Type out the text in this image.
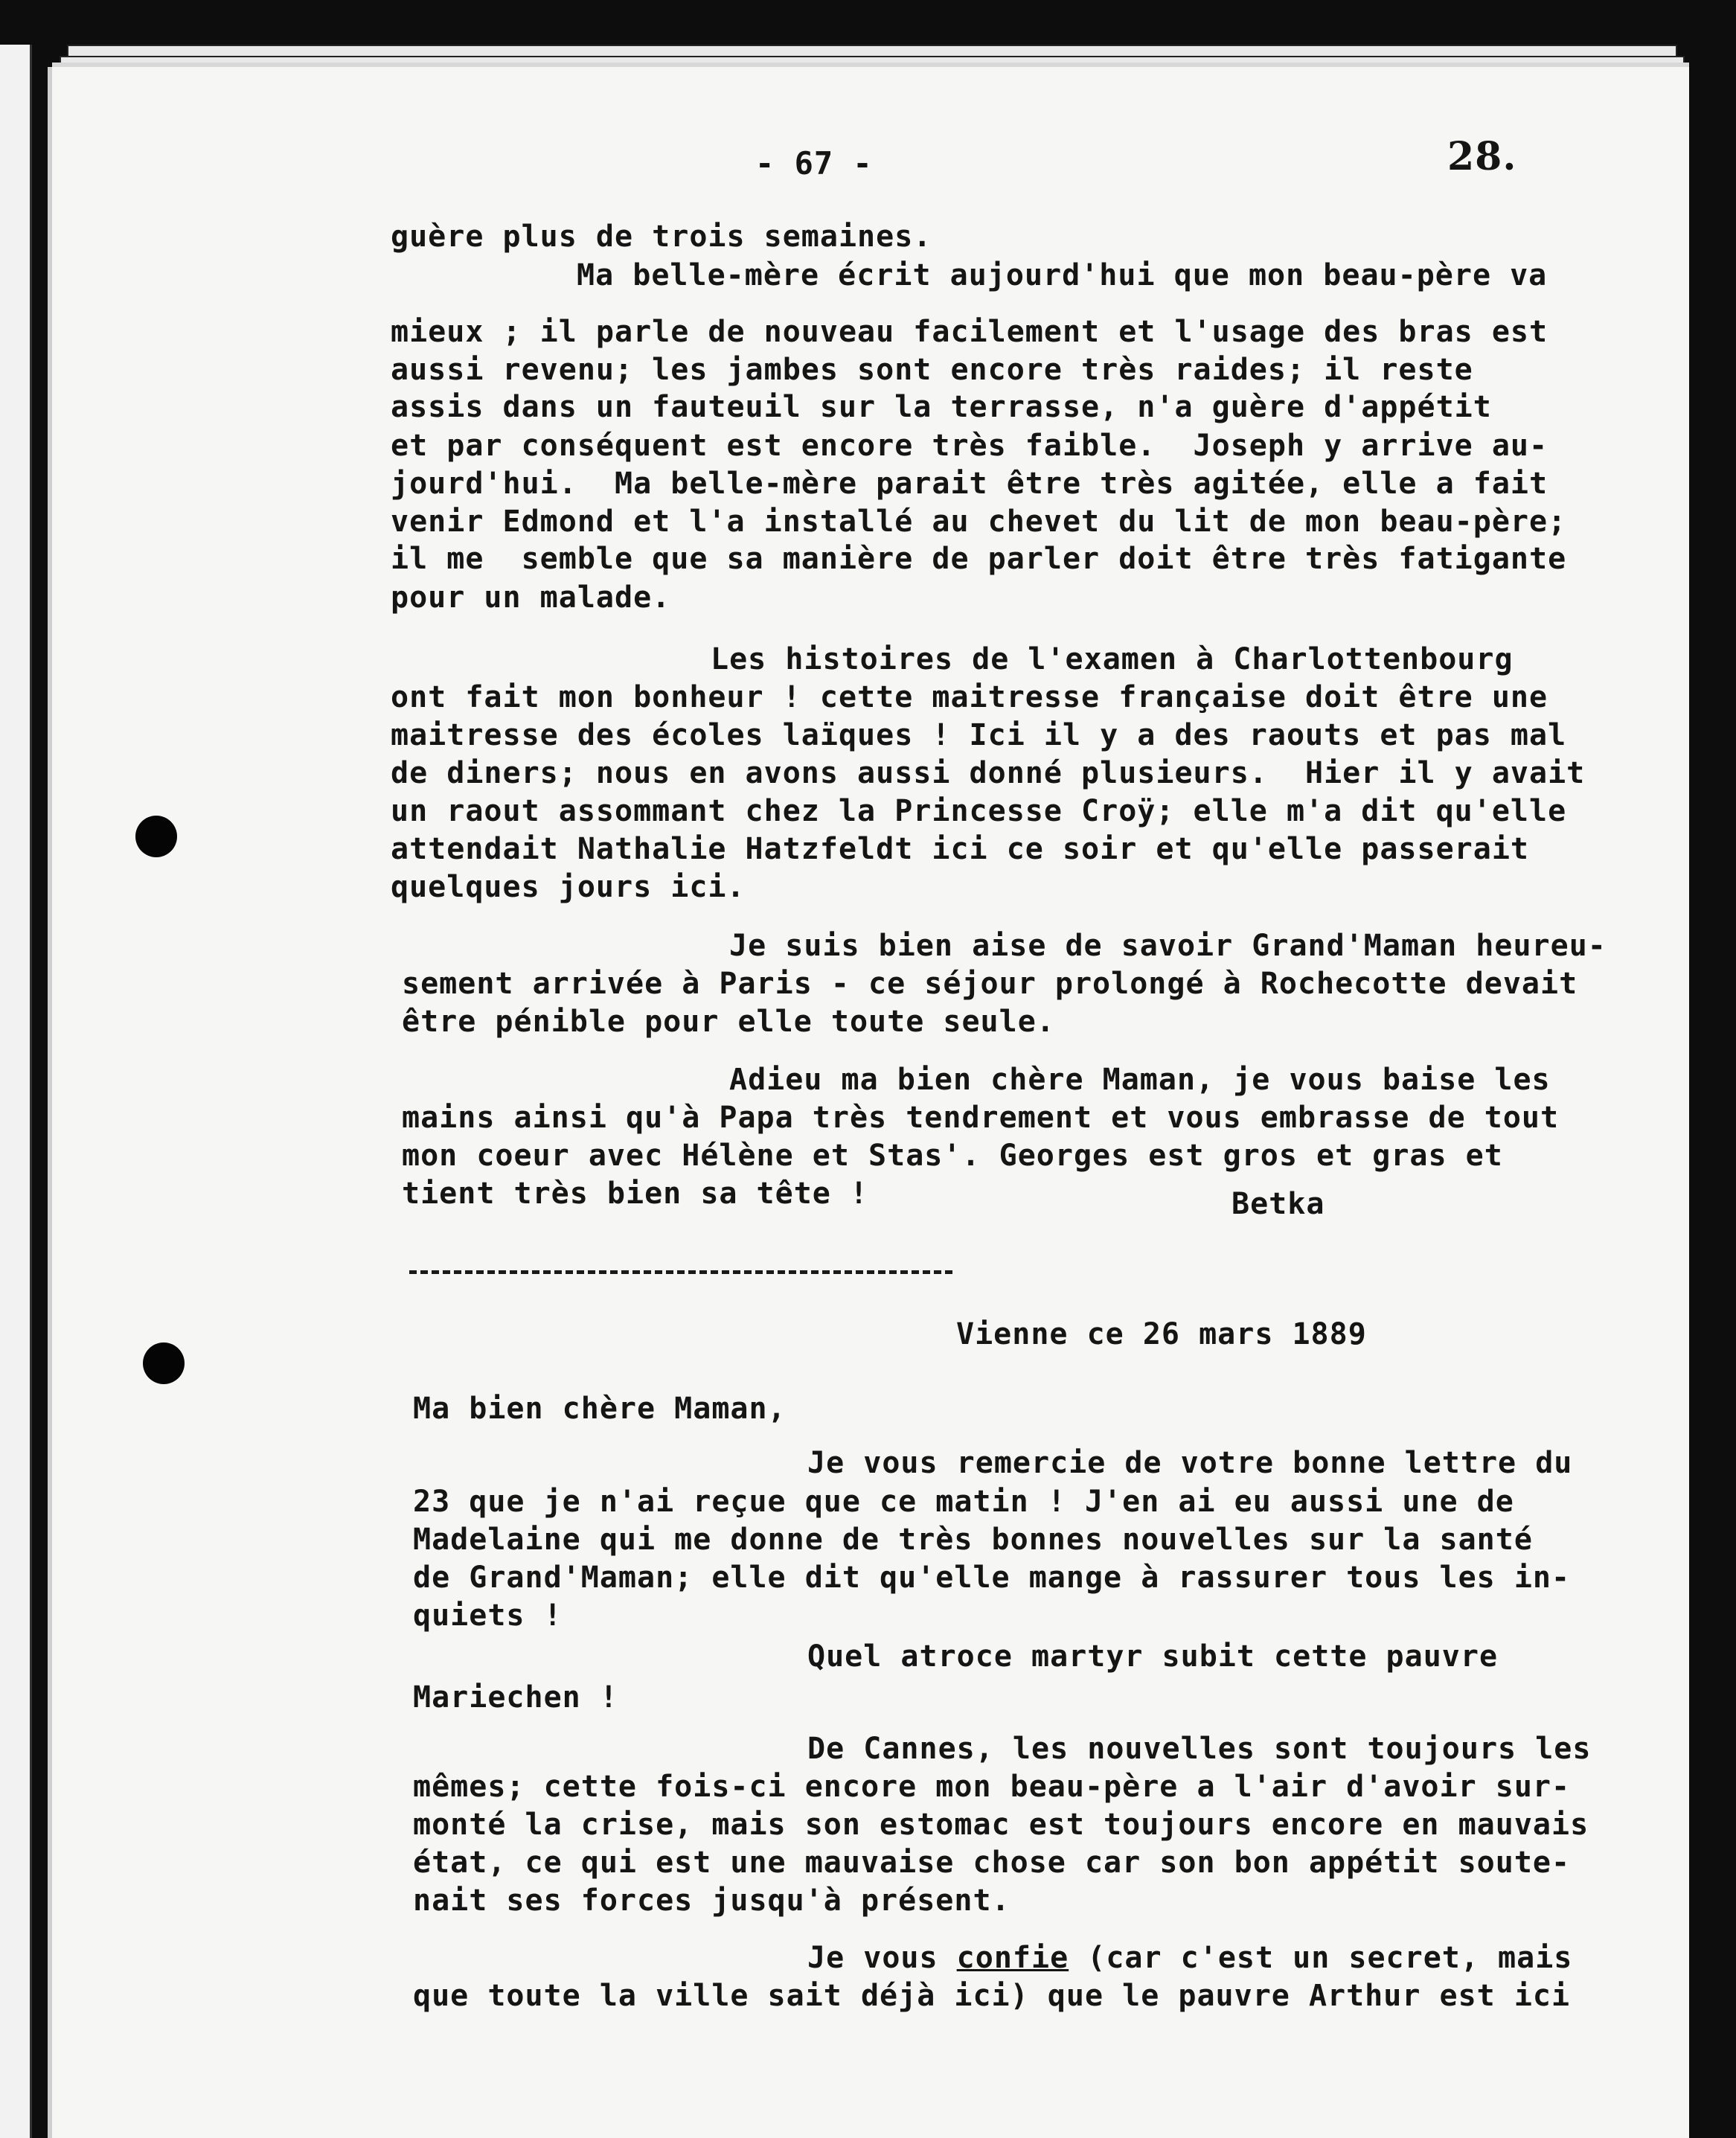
- 67 -	28.
guère plus de trois semaines.
Ma belle-mère écrit aujourd'hui que mon beau-père va
mieux ; il parle de nouveau facilement et l'usage des bras est
aussi revenu; les jambes sont encore très raides; il reste
assis dans un fauteuil sur la terrasse, n'a guère d'appétit
et par conséquent est encore très faible.  Joseph y arrive au-
jourd'hui.  Ma belle-mère parait être très agitée, elle a fait
venir Edmond et l'a installé au chevet du lit de mon beau-père;
il me  semble que sa manière de parler doit être très fatigante
pour un malade.
Les histoires de l'examen à Charlottenbourg
ont fait mon bonheur ! cette maitresse française doit être une
maitresse des écoles laïques ! Ici il y a des raouts et pas mal
de diners; nous en avons aussi donné plusieurs.  Hier il y avait
un raout assommant chez la Princesse Croÿ; elle m'a dit qu'elle
attendait Nathalie Hatzfeldt ici ce soir et qu'elle passerait
quelques jours ici.
Je suis bien aise de savoir Grand'Maman heureu-
sement arrivée à Paris - ce séjour prolongé à Rochecotte devait
être pénible pour elle toute seule.
Adieu ma bien chère Maman, je vous baise les
mains ainsi qu'à Papa très tendrement et vous embrasse de tout
mon coeur avec Hélène et Stas'. Georges est gros et gras et
tient très bien sa tête !	Betka
Vienne ce 26 mars 1889
Ma bien chère Maman,
Je vous remercie de votre bonne lettre du
23 que je n'ai reçue que ce matin ! J'en ai eu aussi une de
Madelaine qui me donne de très bonnes nouvelles sur la santé
de Grand'Maman; elle dit qu'elle mange à rassurer tous les in-
quiets !
Quel atroce martyr subit cette pauvre
Mariechen !
De Cannes, les nouvelles sont toujours les
mêmes; cette fois-ci encore mon beau-père a l'air d'avoir sur-
monté la crise, mais son estomac est toujours encore en mauvais
état, ce qui est une mauvaise chose car son bon appétit soute-
nait ses forces jusqu'à présent.
Je vous confie (car c'est un secret, mais
que toute la ville sait déjà ici) que le pauvre Arthur est ici
